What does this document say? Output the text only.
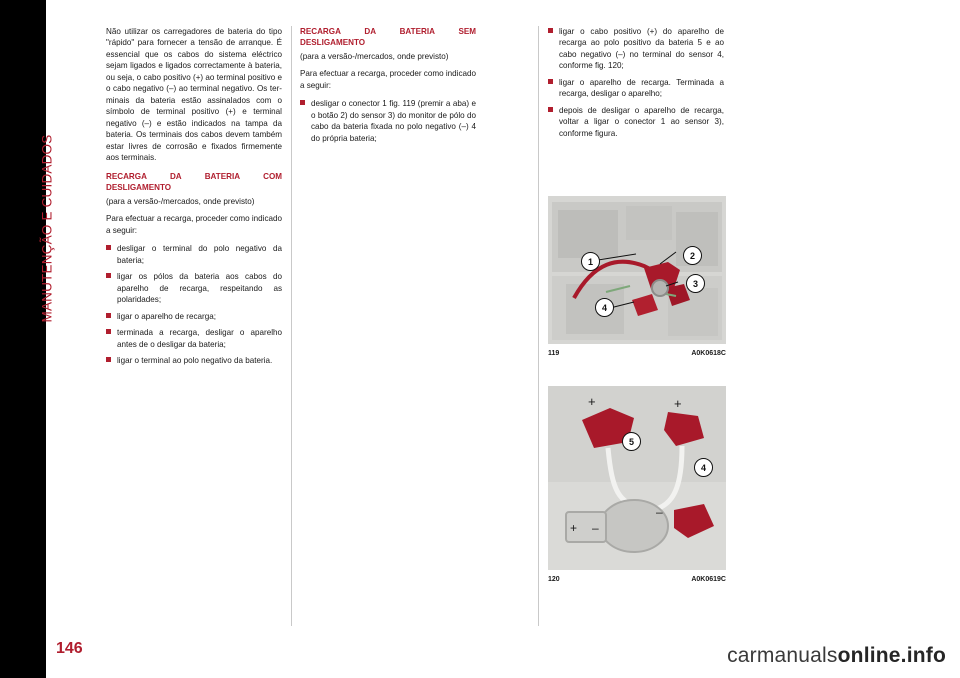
MANUTENÇÃO E CUIDADOS
146

Não utilizar os carregadores de bateria do tipo "rápido" para fornecer a tensão de arranque. É essencial que os cabos do sistema eléctrico sejam ligados e ligados correctamente à bateria, ou seja, o cabo positivo (+) ao terminal positivo e o cabo negativo (–) ao terminal negativo. Os ter-minais da bateria estão assinalados com o símbolo de terminal positivo (+) e terminal negativo (–) e estão indicados na tampa da bateria. Os terminais dos cabos devem também estar livres de corrosão e fixados firmemente aos terminais.

RECARGA DA BATERIA COM DESLIGAMENTO

(para a versão-/mercados, onde previsto)

Para efectuar a recarga, proceder como indicado a seguir:

desligar o terminal do polo negativo da bateria;
ligar os pólos da bateria aos cabos do aparelho de recarga, respeitando as polaridades;
ligar o aparelho de recarga;
terminada a recarga, desligar o aparelho antes de o desligar da bateria;
ligar o terminal ao polo negativo da bateria.

RECARGA DA BATERIA SEM DESLIGAMENTO

(para a versão-/mercados, onde previsto)

Para efectuar a recarga, proceder como indicado a seguir:

desligar o conector 1 fig. 119 (premir a aba) e o botão 2) do sensor 3) do monitor de pólo do cabo da bateria ﬁxada no polo negativo (–) 4 do própria bateria;
ligar o cabo positivo (+) do aparelho de recarga ao polo positivo da bateria 5 e ao cabo negativo (–) no terminal do sensor 4, conforme fig. 120;
ligar o aparelho de recarga. Terminada a recarga, desligar o aparelho;
depois de desligar o aparelho de recarga, voltar a ligar o conector 1 ao sensor 3), conforme figura.
1
2
3
4
119	A0K0618C
+	+
+ –
–
5
4
120	A0K0619C
carmanualsonline.info
